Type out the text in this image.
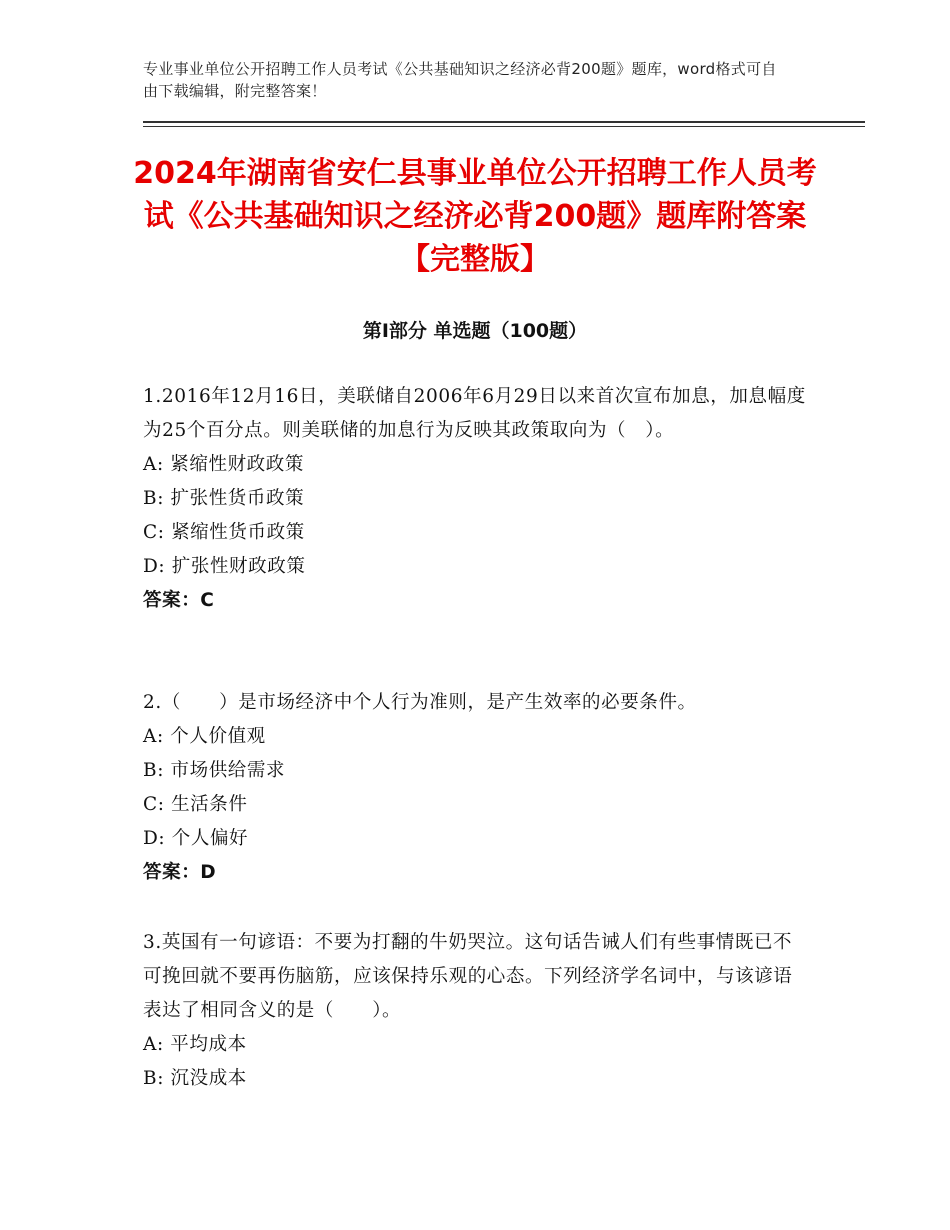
专业事业单位公开招聘工作人员考试《公共基础知识之经济必背200题》题库，word格式可自由下载编辑，附完整答案！
2024年湖南省安仁县事业单位公开招聘工作人员考试《公共基础知识之经济必背200题》题库附答案【完整版】
第Ⅰ部分 单选题（100题）

1.2016年12月16日，美联储自2006年6月29日以来首次宣布加息，加息幅度为25个百分点。则美联储的加息行为反映其政策取向为（　）。

A: 紧缩性财政政策

B: 扩张性货币政策

C: 紧缩性货币政策

D: 扩张性财政政策

答案：C

2.（　　）是市场经济中个人行为准则，是产生效率的必要条件。

A: 个人价值观

B: 市场供给需求

C: 生活条件

D: 个人偏好

答案：D

3.英国有一句谚语：不要为打翻的牛奶哭泣。这句话告诫人们有些事情既已不可挽回就不要再伤脑筋，应该保持乐观的心态。下列经济学名词中，与该谚语表达了相同含义的是（　　）。

A: 平均成本

B: 沉没成本
